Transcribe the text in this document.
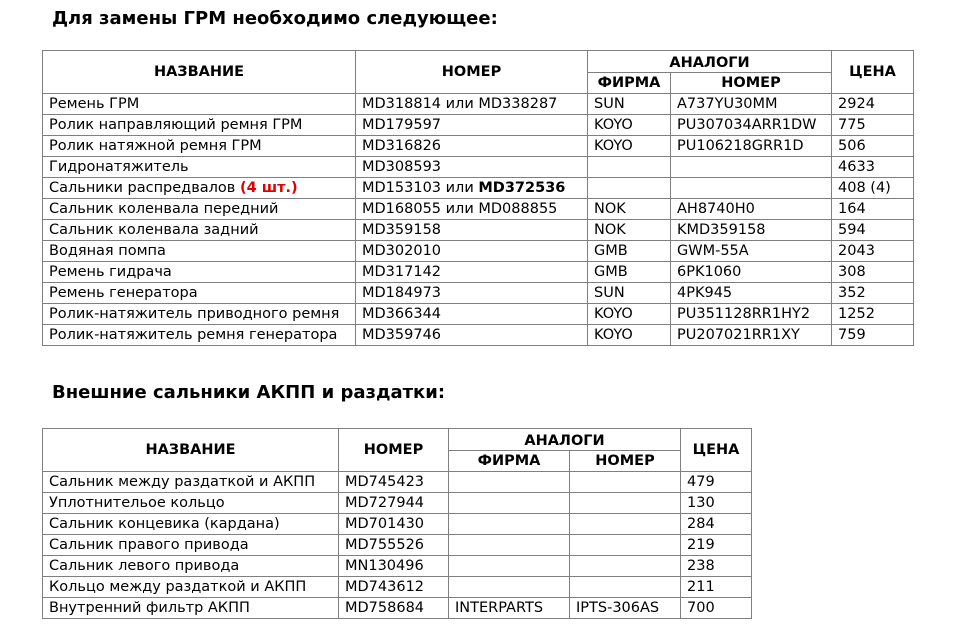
Для замены ГРМ необходимо следующее:
НАЗВАНИЕ	НОМЕР	АНАЛОГИ		ЦЕНА
		ФИРМА	НОМЕР	
Ремень ГРМ	MD318814 или MD338287	SUN	A737YU30MM	2924
Ролик направляющий ремня ГРМ	MD179597	KOYO	PU307034ARR1DW	775
Ролик натяжной ремня ГРМ	MD316826	KOYO	PU106218GRR1D	506
Гидронатяжитель	MD308593			4633
Сальники распредвалов (4 шт.)	MD153103 или MD372536			408 (4)
Сальник коленвала передний	MD168055 или MD088855	NOK	AH8740H0	164
Сальник коленвала задний	MD359158	NOK	KMD359158	594
Водяная помпа	MD302010	GMB	GWM-55A	2043
Ремень гидрача	MD317142	GMB	6PK1060	308
Ремень генератора	MD184973	SUN	4PK945	352
Ролик-натяжитель приводного ремня	MD366344	KOYO	PU351128RR1HY2	1252
Ролик-натяжитель ремня генератора	MD359746	KOYO	PU207021RR1XY	759
Внешние сальники АКПП и раздатки:
НАЗВАНИЕ	НОМЕР	АНАЛОГИ		ЦЕНА
		ФИРМА	НОМЕР	
Сальник между раздаткой и АКПП	MD745423			479
Уплотнительое кольцо	MD727944			130
Сальник концевика (кардана)	MD701430			284
Сальник правого привода	MD755526			219
Сальник левого привода	MN130496			238
Кольцо между раздаткой и АКПП	MD743612			211
Внутренний фильтр АКПП	MD758684	INTERPARTS	IPTS-306AS	700
